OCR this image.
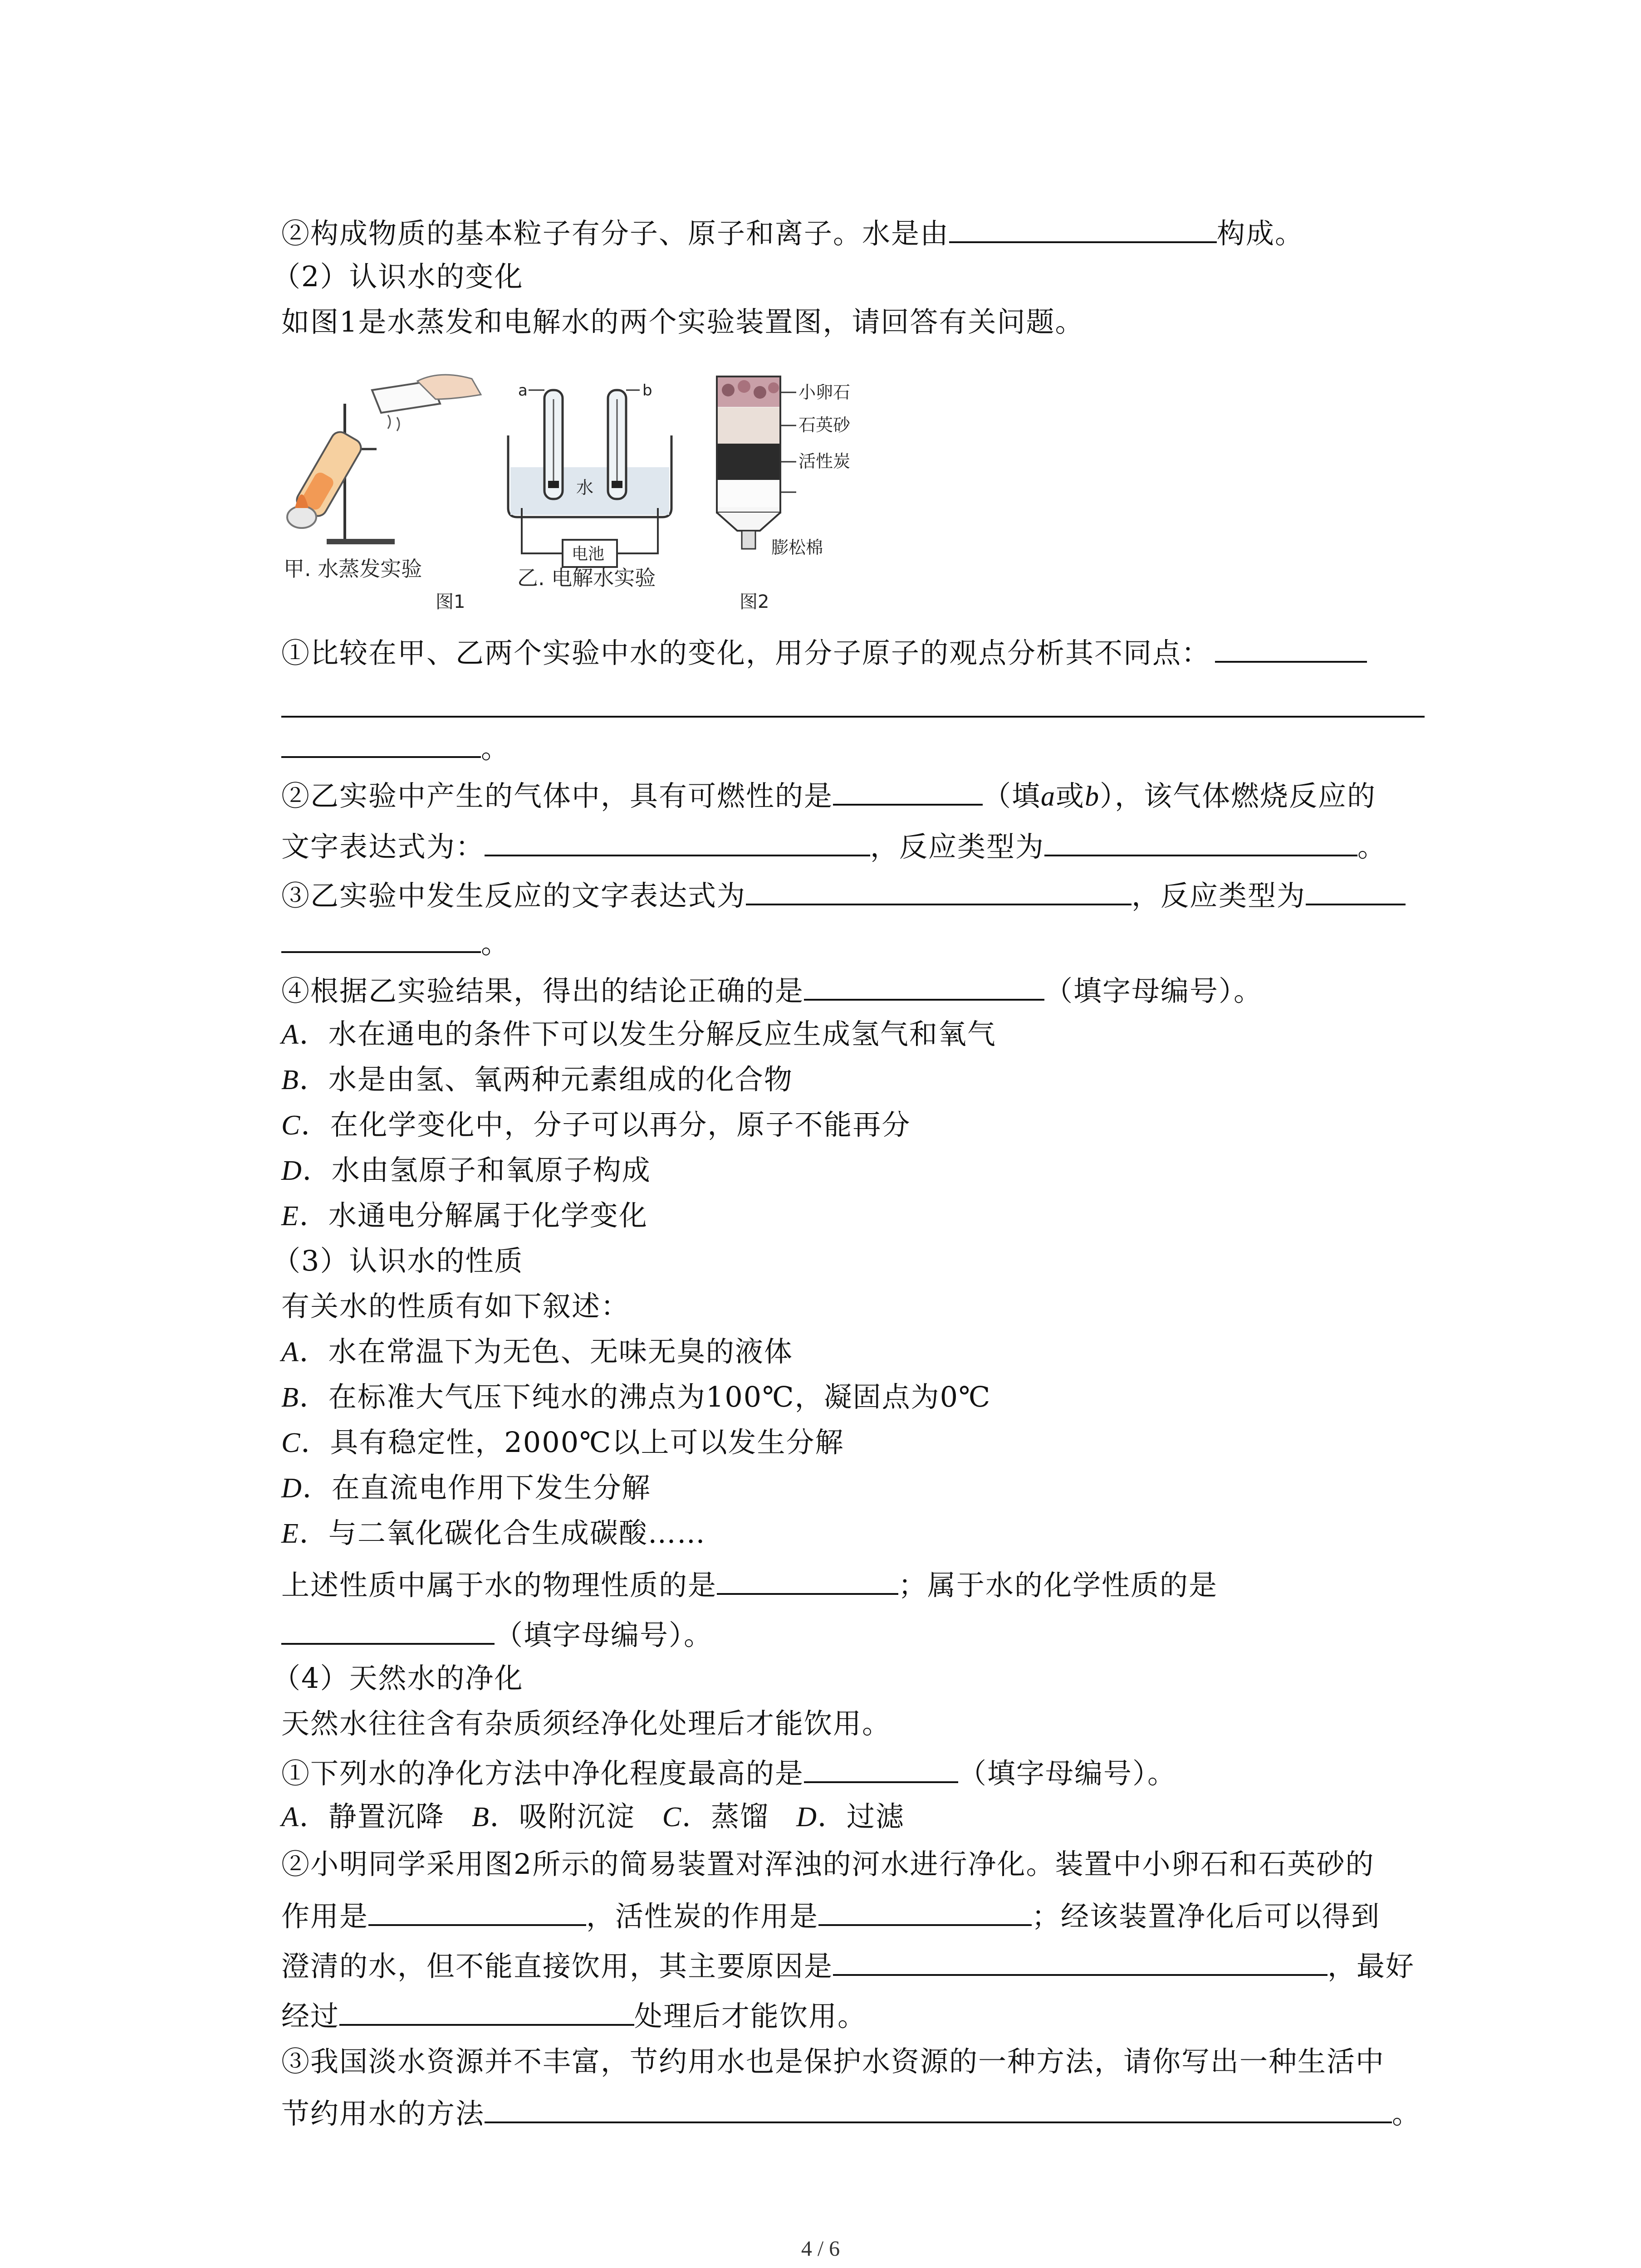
②构成物质的基本粒子有分子、原子和离子。水是由	构成。
（2）认识水的变化
如图1是水蒸发和电解水的两个实验装置图，请回答有关问题。
甲. 水蒸发实验
图1
a	b
水
电池
乙. 电解水实验
小卵石
石英砂
活性炭
膨松棉
图2
①比较在甲、乙两个实验中水的变化，用分子原子的观点分析其不同点：
。
②乙实验中产生的气体中，具有可燃性的是	（填a或b），该气体燃烧反应的
文字表达式为：	，反应类型为	。
③乙实验中发生反应的文字表达式为	，反应类型为
。
④根据乙实验结果，得出的结论正确的是	（填字母编号）。
A．水在通电的条件下可以发生分解反应生成氢气和氧气
B．水是由氢、氧两种元素组成的化合物
C．在化学变化中，分子可以再分，原子不能再分
D．水由氢原子和氧原子构成
E．水通电分解属于化学变化
（3）认识水的性质
有关水的性质有如下叙述：
A．水在常温下为无色、无味无臭的液体
B．在标准大气压下纯水的沸点为100℃，凝固点为0℃
C．具有稳定性，2000℃以上可以发生分解
D．在直流电作用下发生分解
E．与二氧化碳化合生成碳酸……
上述性质中属于水的物理性质的是	；属于水的化学性质的是
（填字母编号）。
（4）天然水的净化
天然水往往含有杂质须经净化处理后才能饮用。
①下列水的净化方法中净化程度最高的是	（填字母编号）。
A．静置沉降 B．吸附沉淀 C．蒸馏 D．过滤
②小明同学采用图2所示的简易装置对浑浊的河水进行净化。装置中小卵石和石英砂的
作用是	，活性炭的作用是	；经该装置净化后可以得到
澄清的水，但不能直接饮用，其主要原因是	，最好
经过	处理后才能饮用。
③我国淡水资源并不丰富，节约用水也是保护水资源的一种方法，请你写出一种生活中
节约用水的方法	。
4 / 6
